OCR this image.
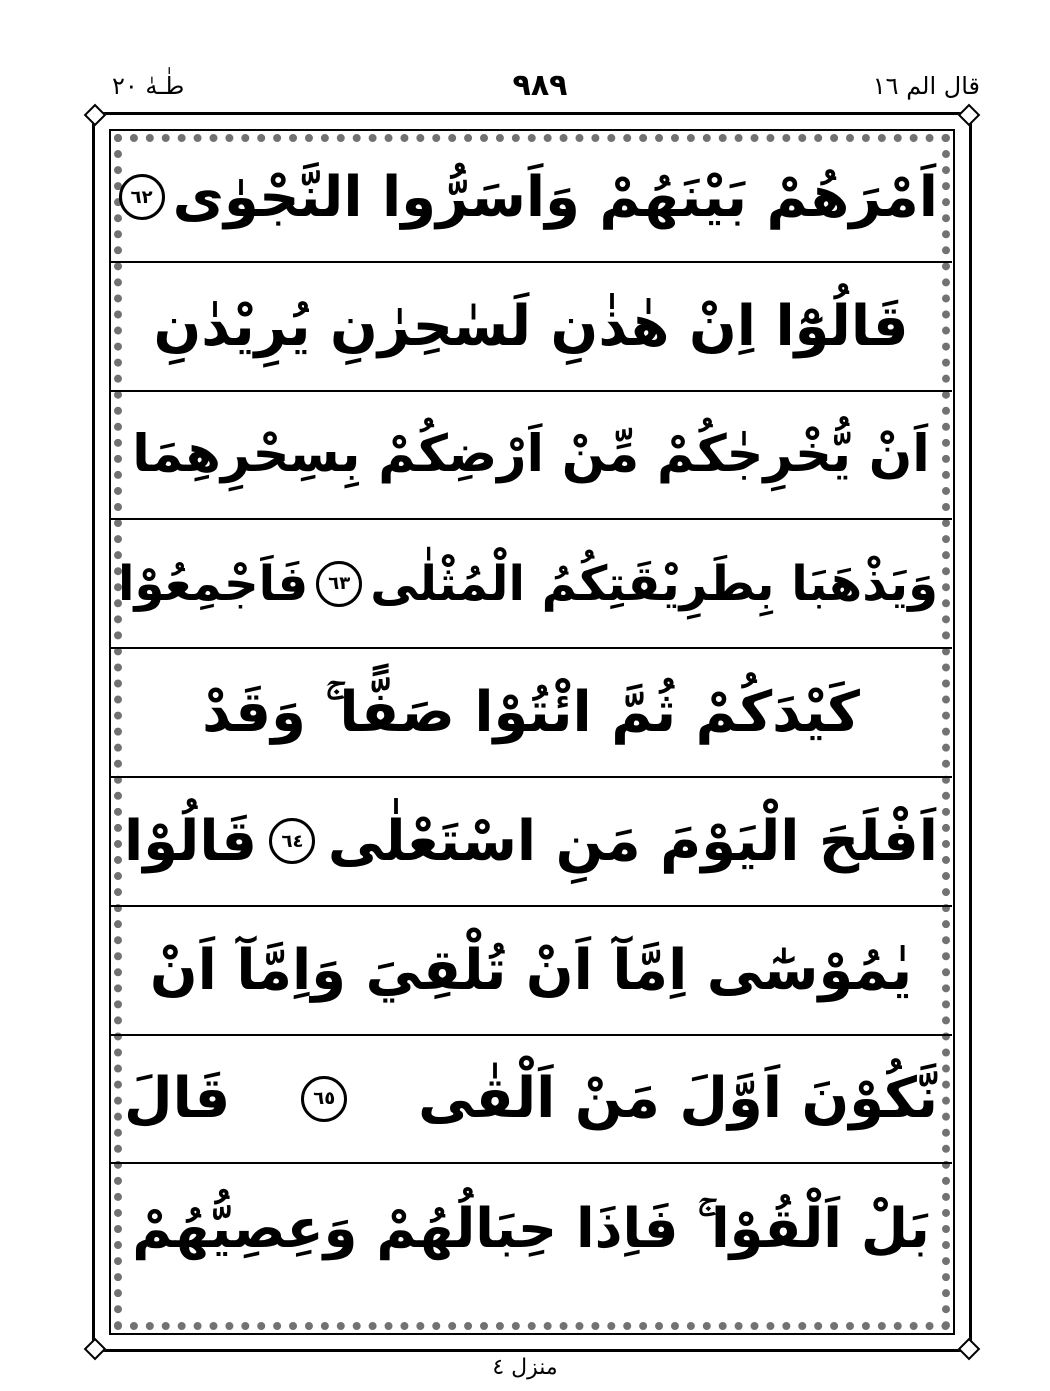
طٰـهٰ ٢٠	٩٨٩	قال الم ١٦
اَمْرَهُمْ بَيْنَهُمْ وَاَسَرُّوا النَّجْوٰى
٦٢
قَالُوْٓا اِنْ هٰذٰنِ لَسٰحِرٰنِ يُرِيْدٰنِ
اَنْ يُّخْرِجٰكُمْ مِّنْ اَرْضِكُمْ بِسِحْرِهِمَا
وَيَذْهَبَا بِطَرِيْقَتِكُمُ الْمُثْلٰى
٦٣
فَاَجْمِعُوْا
كَيْدَكُمْ ثُمَّ ائْتُوْا صَفًّا ۚ وَقَدْ
اَفْلَحَ الْيَوْمَ مَنِ اسْتَعْلٰى
٦٤
قَالُوْا
يٰمُوْسٰٓى اِمَّآ اَنْ تُلْقِيَ وَاِمَّآ اَنْ
نَّكُوْنَ اَوَّلَ مَنْ اَلْقٰى
٦٥
قَالَ
بَلْ اَلْقُوْا ۚ فَاِذَا حِبَالُهُمْ وَعِصِيُّهُمْ
منزل ٤
